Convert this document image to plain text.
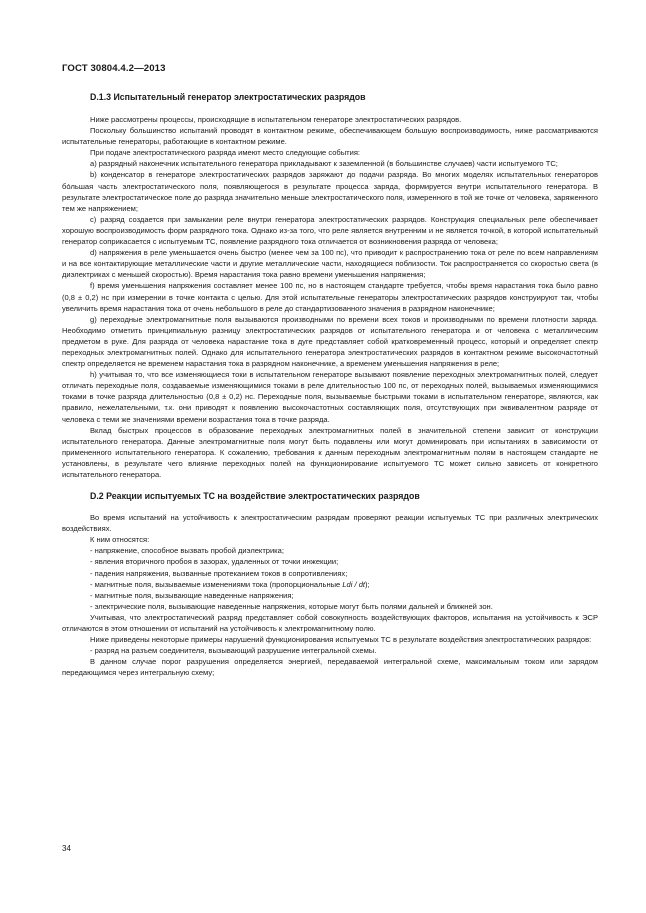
ГОСТ 30804.4.2—2013
D.1.3 Испытательный генератор электростатических разрядов

Ниже рассмотрены процессы, происходящие в испытательном генераторе электростатических разрядов.

Поскольку большинство испытаний проводят в контактном режиме, обеспечивающем большую воспроизводимость, ниже рассматриваются испытательные генераторы, работающие в контактном режиме.

При подаче электростатического разряда имеют место следующие события:

a) разрядный наконечник испытательного генератора прикладывают к заземленной (в большинстве случаев) части испытуемого ТС;

b) конденсатор в генераторе электростатических разрядов заряжают до подачи разряда. Во многих моделях испытательных генераторов бо́льшая часть электростатического поля, появляющегося в результате процесса заряда, формируется внутри испытательного генератора. В результате электростатическое поле до разряда значительно меньше электростатического поля, измеренного в той же точке от человека, заряженного тем же напряжением;

c) разряд создается при замыкании реле внутри генератора электростатических разрядов. Конструкция специальных реле обеспечивает хорошую воспроизводимость форм разрядного тока. Однако из-за того, что реле является внутренним и не является точкой, в которой испытательный генератор соприкасается с испытуемым ТС, появление разрядного тока отличается от возникновения разряда от человека;

d) напряжения в реле уменьшается очень быстро (менее чем за 100 пс), что приводит к распространению тока от реле по всем направлениям и на все контактирующие металлические части и другие металлические части, находящиеся поблизости. Ток распространяется со скоростью света (в диэлектриках с меньшей скоростью). Время нарастания тока равно времени уменьшения напряжения;

f) время уменьшения напряжения составляет менее 100 пс, но в настоящем стандарте требуется, чтобы время нарастания тока было равно (0,8 ± 0,2) нс при измерении в точке контакта с целью. Для этой испытательные генераторы электростатических разрядов конструируют так, чтобы увеличить время нарастания тока от очень небольшого в реле до стандартизованного значения в разрядном наконечнике;

g) переходные электромагнитные поля вызываются производными по времени всех токов и производными по времени плотности заряда. Необходимо отметить принципиальную разницу электростатических разрядов от испытательного генератора и от человека с металлическим предметом в руке. Для разряда от человека нарастание тока в дуге представляет собой кратковременный процесс, который и определяет спектр переходных электромагнитных полей. Однако для испытательного генератора электростатических разрядов в контактном режиме высокочастотный спектр определяется не временем нарастания тока в разрядном наконечнике, а временем уменьшения напряжения в реле;

h) учитывая то, что все изменяющиеся токи в испытательном генераторе вызывают появление переходных электромагнитных полей, следует отличать переходные поля, создаваемые изменяющимися токами в реле длительностью 100 пс, от переходных полей, вызываемых изменяющимися токами в точке разряда длительностью (0,8 ± 0,2) нс. Переходные поля, вызываемые быстрыми токами в испытательном генераторе, являются, как правило, нежелательными, т.к. они приводят к появлению высокочастотных составляющих поля, отсутствующих при эквивалентном разряде от человека с теми же значениями времени возрастания тока в точке разряда.

Вклад быстрых процессов в образование переходных электромагнитных полей в значительной степени зависит от конструкции испытательного генератора. Данные электромагнитные поля могут быть подавлены или могут доминировать при испытаниях в зависимости от примененного испытательного генератора. К сожалению, требования к данным переходным электромагнитным полям в настоящем стандарте не установлены, в результате чего влияние переходных полей на функционирование испытуемого ТС может сильно зависеть от конкретного испытательного генератора.

D.2 Реакции испытуемых ТС на воздействие электростатических разрядов

Во время испытаний на устойчивость к электростатическим разрядам проверяют реакции испытуемых ТС при различных электрических воздействиях.

К ним относятся:

- напряжение, способное вызвать пробой диэлектрика;

- явления вторичного пробоя в зазорах, удаленных от точки инжекции;

- падения напряжения, вызванные протеканием токов в сопротивлениях;

- магнитные поля, вызываемые изменениями тока (пропорциональные Ldi / dt);

- магнитные поля, вызывающие наведенные напряжения;

- электрические поля, вызывающие наведенные напряжения, которые могут быть полями дальней и ближней зон.

Учитывая, что электростатический разряд представляет собой совокупность воздействующих факторов, испытания на устойчивость к ЭСР отличаются в этом отношении от испытаний на устойчивость к электромагнитному полю.

Ниже приведены некоторые примеры нарушений функционирования испытуемых ТС в результате воздействия электростатических разрядов:

- разряд на разъем соединителя, вызывающий разрушение интегральной схемы.

В данном случае порог разрушения определяется энергией, передаваемой интегральной схеме, максимальным током или зарядом передающимся через интегральную схему;

34
